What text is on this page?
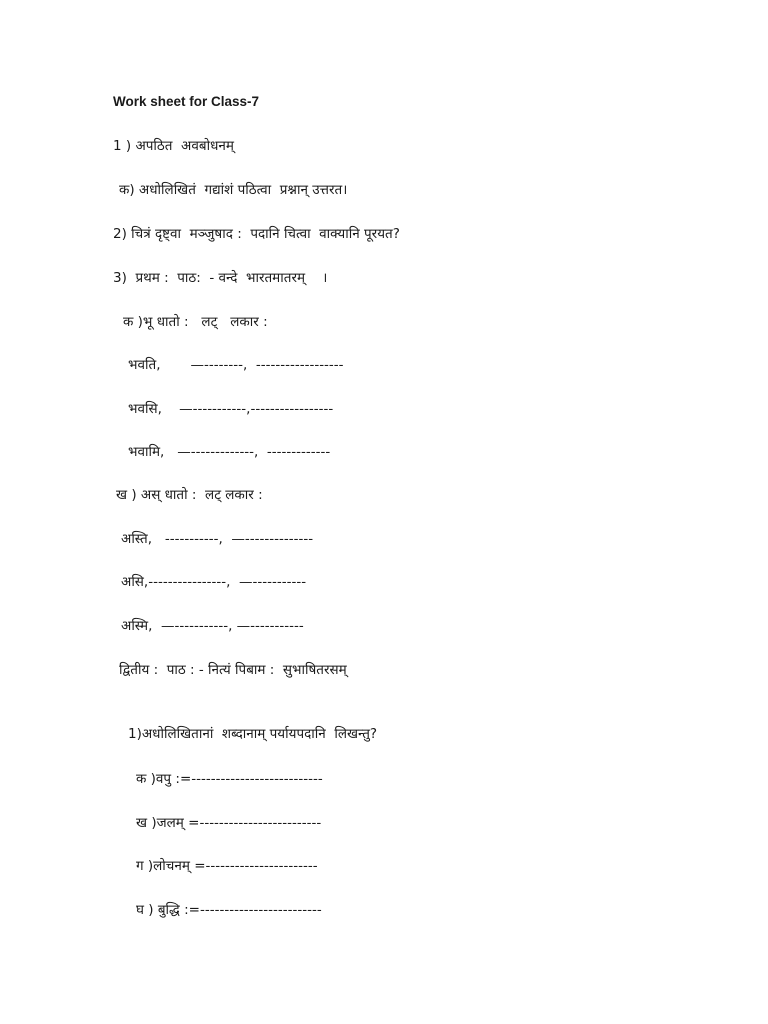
Work sheet for Class-7
1 ) अपठित  अवबोधनम्
क) अधोलिखितं  गद्यांशं पठित्वा  प्रश्नान् उत्तरत।
2) चित्रं दृष्ट्वा  मञ्जुषाद :  पदानि चित्वा  वाक्यानि पूरयत?
3)  प्रथम :  पाठ:  - वन्दे  भारतमातरम्    ।
क )भू धातो :   लट्   लकार :
भवति,       —--------,  ------------------
भवसि,    —-----------,-----------------
भवामि,   —-------------,  -------------
ख ) अस् धातो :  लट् लकार :
अस्ति,   -----------,  —--------------
असि,----------------,  —-----------
अस्मि,  —-----------, —-----------
द्वितीय :  पाठ : - नित्यं पिबाम :  सुभाषितरसम्
1)अधोलिखितानां  शब्दानाम् पर्यायपदानि  लिखन्तु?
क )वपु :=---------------------------
ख )जलम् =-------------------------
ग )लोचनम् =-----------------------
घ ) बुद्धि :=-------------------------
